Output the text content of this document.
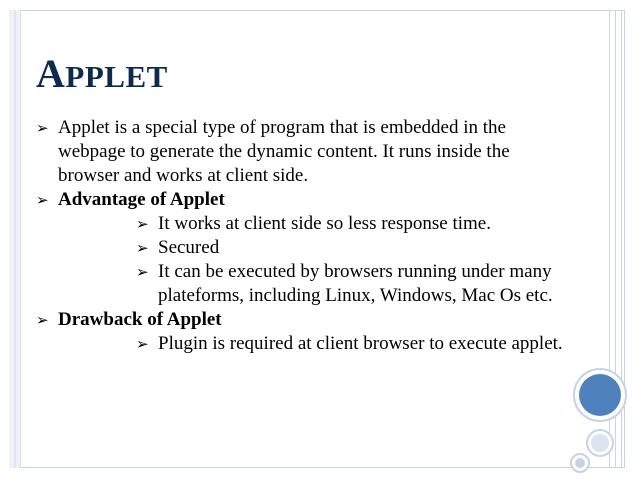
APPLET
➢ Applet is a special type of program that is embedded in the webpage to generate the dynamic content. It runs inside the browser and works at client side.
➢ Advantage of Applet
➢ It works at client side so less response time.
➢ Secured
➢ It can be executed by browsers running under many plateforms, including Linux, Windows, Mac Os etc.
➢ Drawback of Applet
➢ Plugin is required at client browser to execute applet.
